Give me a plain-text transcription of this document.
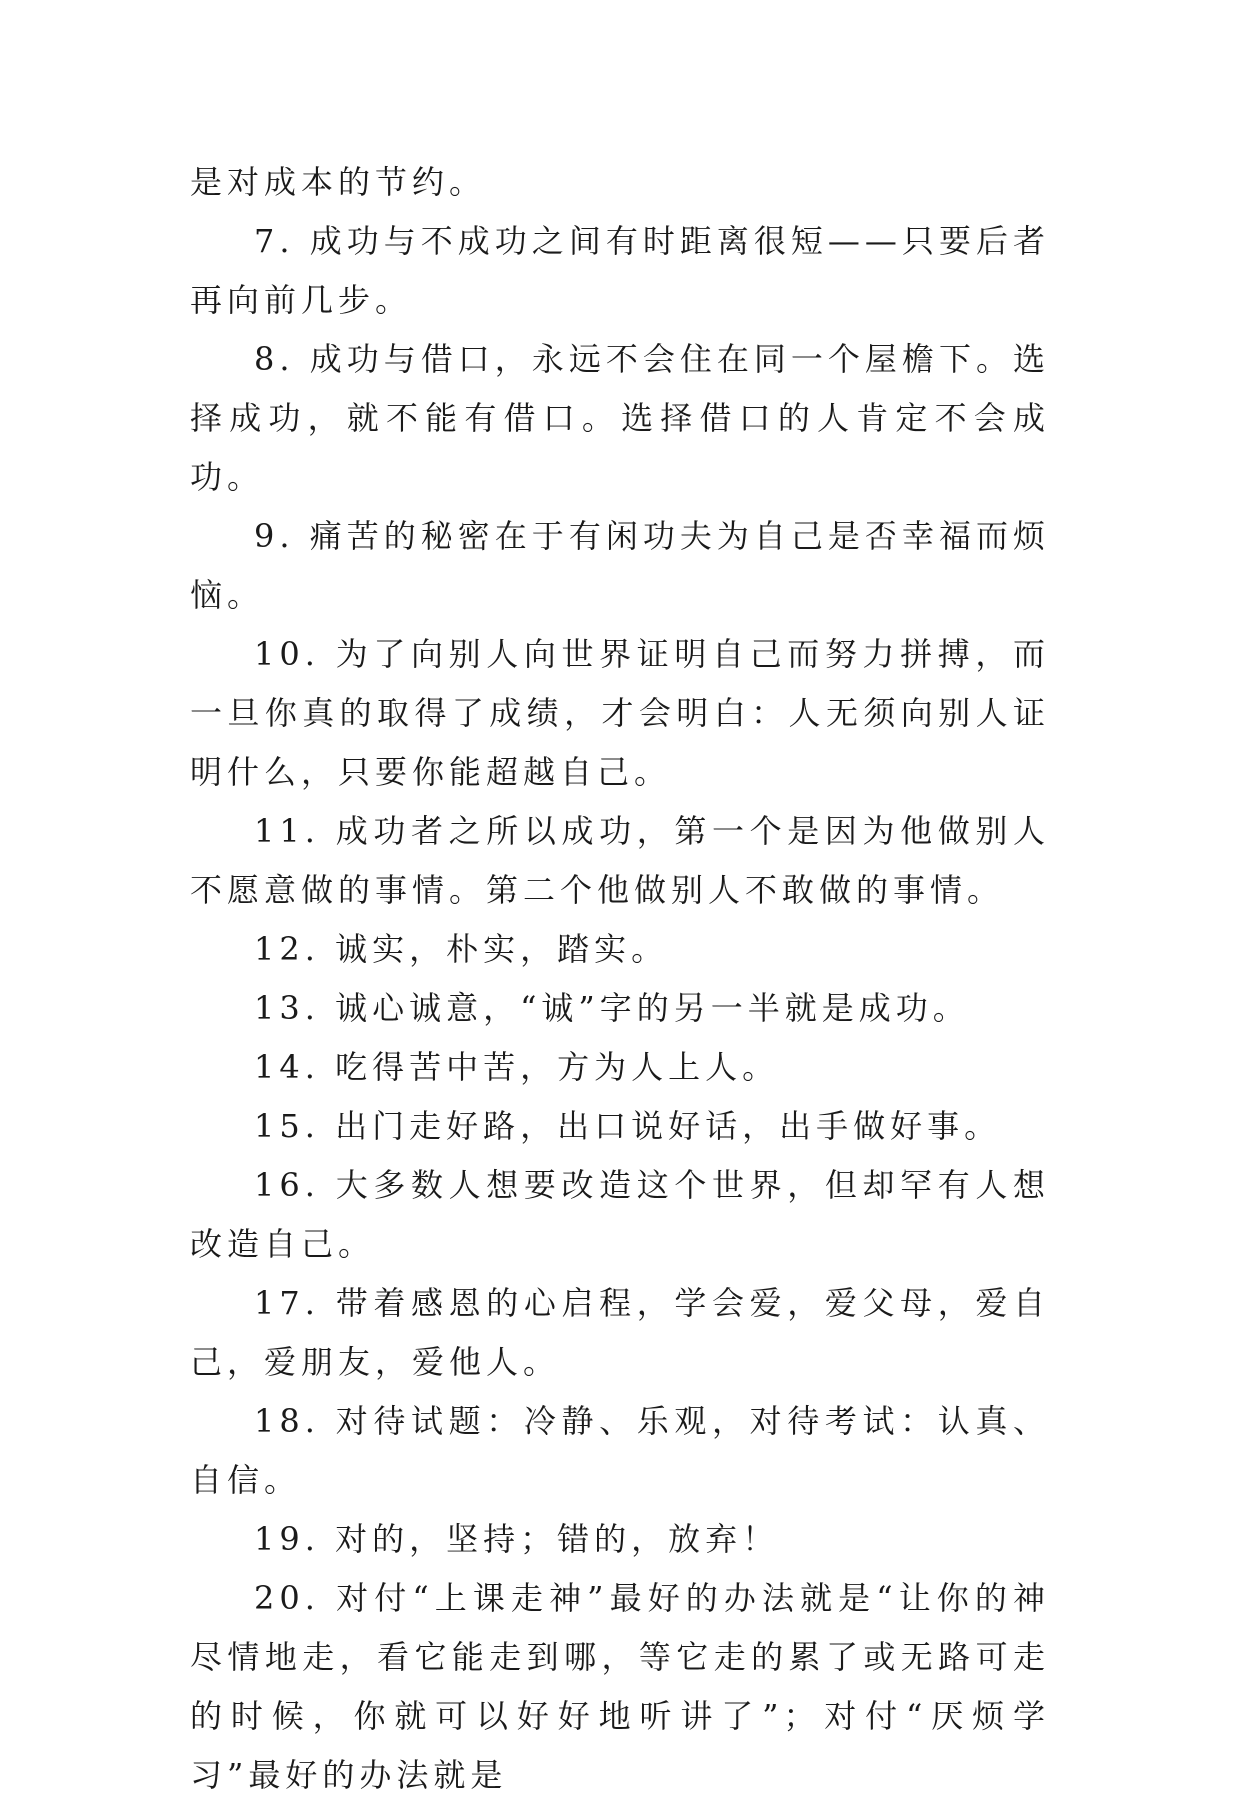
是对成本的节约。

7. 成功与不成功之间有时距离很短——只要后者再向前几步。

8. 成功与借口，永远不会住在同一个屋檐下。选择成功，就不能有借口。选择借口的人肯定不会成功。

9. 痛苦的秘密在于有闲功夫为自己是否幸福而烦恼。

10. 为了向别人向世界证明自己而努力拼搏，而一旦你真的取得了成绩，才会明白：人无须向别人证明什么，只要你能超越自己。

11. 成功者之所以成功，第一个是因为他做别人不愿意做的事情。第二个他做别人不敢做的事情。

12. 诚实，朴实，踏实。

13. 诚心诚意，“诚”字的另一半就是成功。

14. 吃得苦中苦，方为人上人。

15. 出门走好路，出口说好话，出手做好事。

16. 大多数人想要改造这个世界，但却罕有人想改造自己。

17. 带着感恩的心启程，学会爱，爱父母，爱自己，爱朋友，爱他人。

18. 对待试题：冷静、乐观，对待考试：认真、自信。

19. 对的，坚持；错的，放弃！

20. 对付“上课走神”最好的办法就是“让你的神尽情地走，看它能走到哪，等它走的累了或无路可走的时候，你就可以好好地听讲了”；对付“厌烦学习”最好的办法就是
